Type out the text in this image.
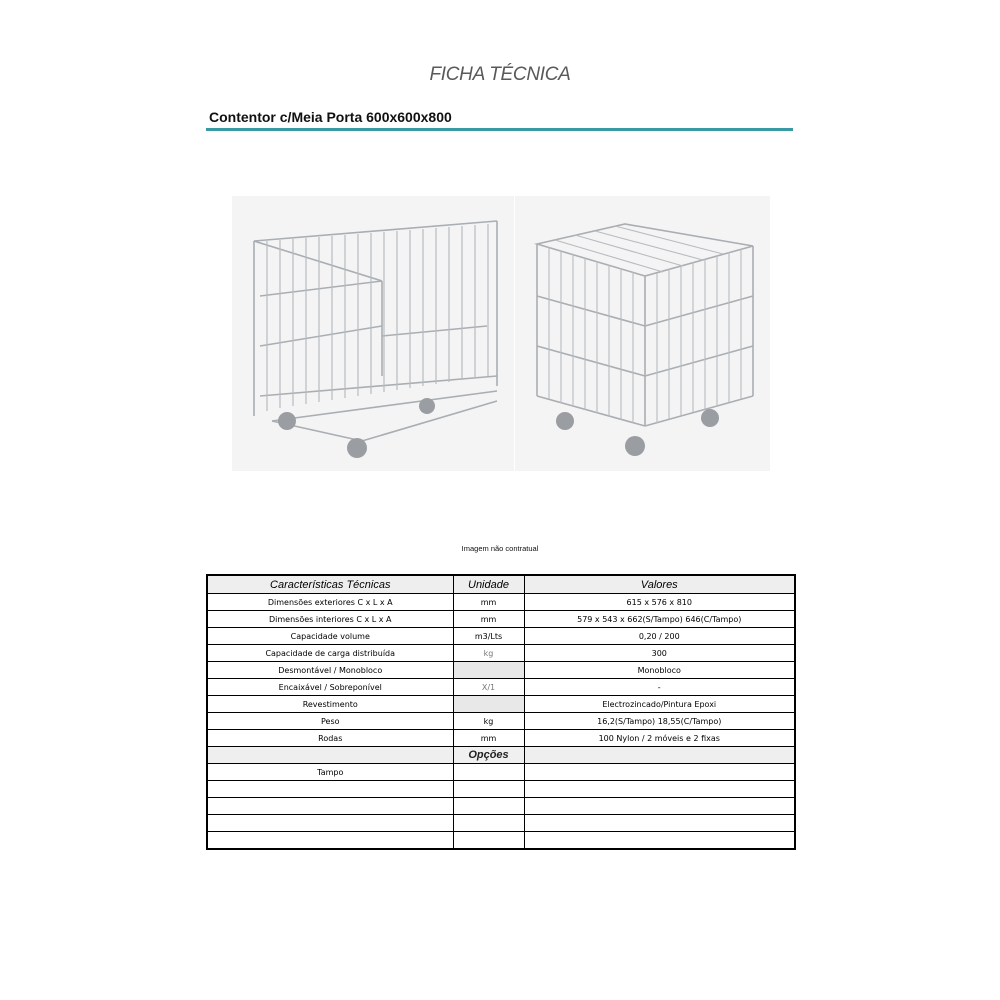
FICHA TÉCNICA
Contentor c/Meia Porta 600x600x800
Imagem não contratual
Características Técnicas	Unidade	Valores
Dimensões exteriores C x L x A	mm	615 x 576 x 810
Dimensões interiores C x L x A	mm	579 x 543 x 662(S/Tampo) 646(C/Tampo)
Capacidade volume	m3/Lts	0,20 / 200
Capacidade de carga distribuída	kg	300
Desmontável / Monobloco		Monobloco
Encaixável / Sobreponível	X/1	-
Revestimento		Electrozincado/Pintura Epoxi
Peso	kg	16,2(S/Tampo) 18,55(C/Tampo)
Rodas	mm	100 Nylon / 2 móveis e 2 fixas
	Opções	
Tampo		
